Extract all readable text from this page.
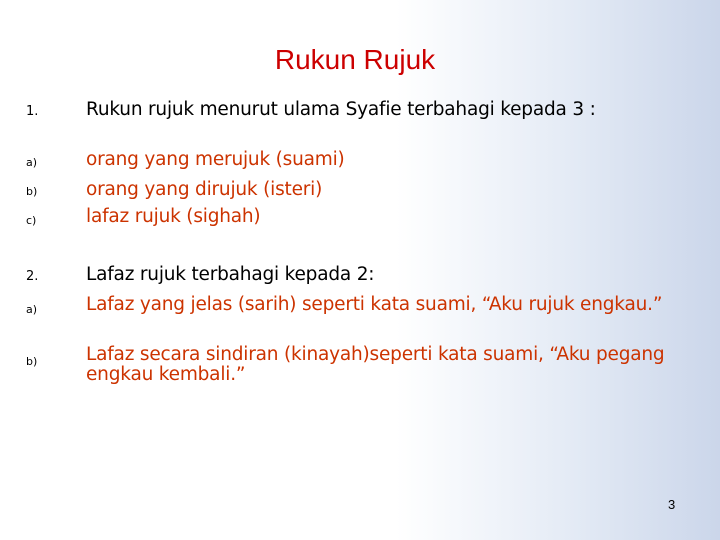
Rukun Rujuk
1.	Rukun rujuk menurut ulama Syafie terbahagi kepada 3 :
a)	orang yang merujuk (suami)
b)	orang yang dirujuk (isteri)
c)	lafaz rujuk (sighah)
2.	Lafaz rujuk terbahagi kepada 2:
a)	Lafaz yang jelas (sarih) seperti kata suami, “Aku rujuk engkau.”
b)	Lafaz secara sindiran (kinayah)seperti kata suami, “Aku pegang engkau kembali.”
3
